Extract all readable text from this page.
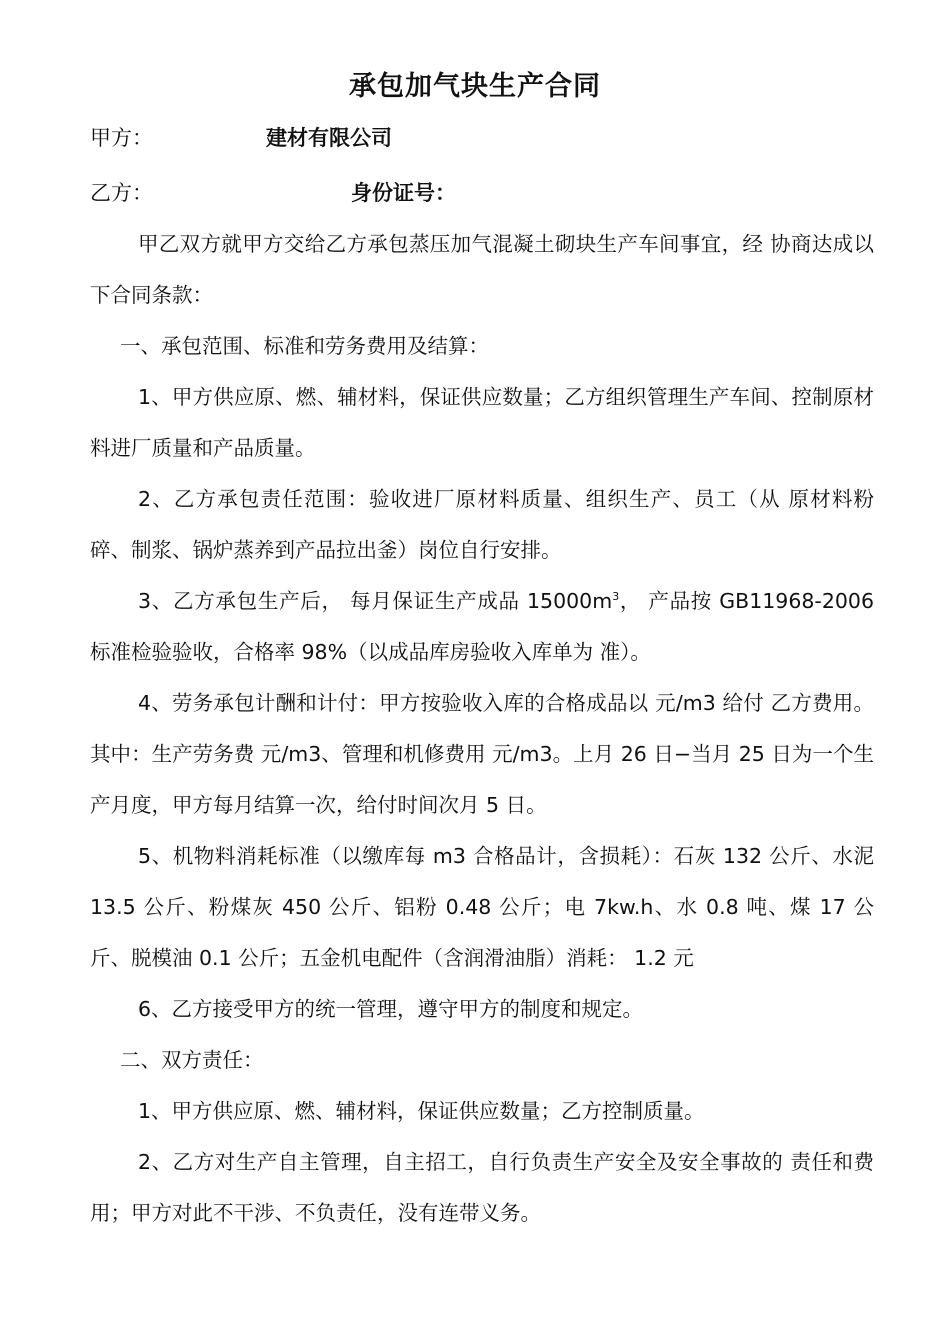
承包加气块生产合同
甲方：	建材有限公司
乙方：	身份证号：

甲乙双方就甲方交给乙方承包蒸压加气混凝土砌块生产车间事宜，经 协商达成以下合同条款：

一、承包范围、标准和劳务费用及结算：

1、甲方供应原、燃、辅材料，保证供应数量；乙方组织管理生产车间、控制原材料进厂质量和产品质量。

2、乙方承包责任范围：验收进厂原材料质量、组织生产、员工（从 原材料粉碎、制浆、锅炉蒸养到产品拉出釜）岗位自行安排。

3、乙方承包生产后， 每月保证生产成品 $15000m^3$， 产品按 GB11968-2006 标准检验验收，合格率 98%（以成品库房验收入库单为 准）。

4、劳务承包计酬和计付：甲方按验收入库的合格成品以 元/m3 给付 乙方费用。其中：生产劳务费 元/m3、管理和机修费用 元/m3。上月 26 日−当月 25 日为一个生产月度，甲方每月结算一次，给付时间次月 5 日。

5、机物料消耗标准（以缴库每 m3 合格品计，含损耗）：石灰 132 公斤、水泥 13.5 公斤、粉煤灰 450 公斤、铝粉 0.48 公斤；电 7kw.h、水 0.8 吨、煤 17 公斤、脱模油 0.1 公斤；五金机电配件（含润滑油脂）消耗： 1.2 元

6、乙方接受甲方的统一管理，遵守甲方的制度和规定。

二、双方责任：

1、甲方供应原、燃、辅材料，保证供应数量；乙方控制质量。

2、乙方对生产自主管理，自主招工，自行负责生产安全及安全事故的 责任和费用；甲方对此不干涉、不负责任，没有连带义务。
